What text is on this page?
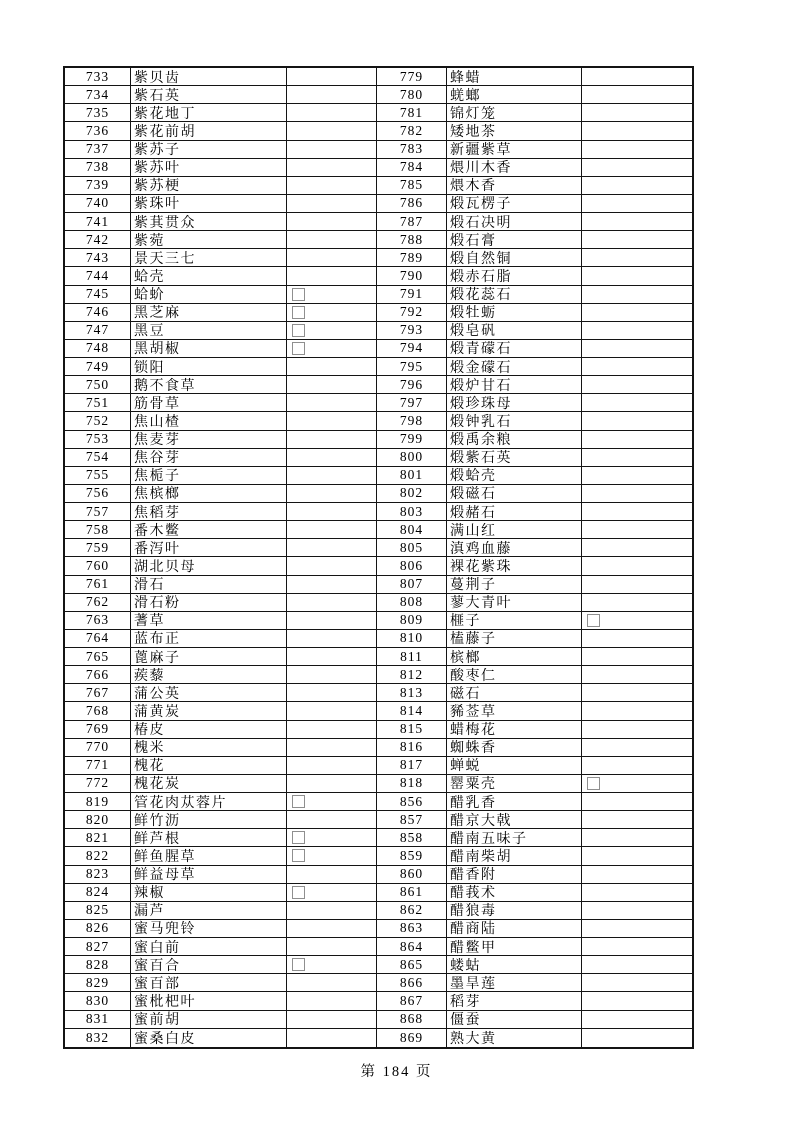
733 紫贝齿	779 蜂蜡
734 紫石英	780 蜣螂
735 紫花地丁	781 锦灯笼
736 紫花前胡	782 矮地茶
737 紫苏子	783 新疆紫草
738 紫苏叶	784 煨川木香
739 紫苏梗	785 煨木香
740 紫珠叶	786 煅瓦楞子
741 紫萁贯众	787 煅石决明
742 紫菀	788 煅石膏
743 景天三七	789 煅自然铜
744 蛤壳	790 煅赤石脂
745 蛤蚧	791 煅花蕊石
746 黑芝麻	792 煅牡蛎
747 黑豆	793 煅皂矾
748 黑胡椒	794 煅青礞石
749 锁阳	795 煅金礞石
750 鹅不食草	796 煅炉甘石
751 筋骨草	797 煅珍珠母
752 焦山楂	798 煅钟乳石
753 焦麦芽	799 煅禹余粮
754 焦谷芽	800 煅紫石英
755 焦栀子	801 煅蛤壳
756 焦槟榔	802 煅磁石
757 焦稻芽	803 煅赭石
758 番木鳖	804 满山红
759 番泻叶	805 滇鸡血藤
760 湖北贝母	806 裸花紫珠
761 滑石	807 蔓荆子
762 滑石粉	808 蓼大青叶
763 蓍草	809 榧子
764 蓝布正	810 榼藤子
765 蓖麻子	811 槟榔
766 蒺藜	812 酸枣仁
767 蒲公英	813 磁石
768 蒲黄炭	814 豨莶草
769 椿皮	815 蜡梅花
770 槐米	816 蜘蛛香
771 槐花	817 蝉蜕
772 槐花炭	818 罂粟壳
819 管花肉苁蓉片	856 醋乳香
820 鲜竹沥	857 醋京大戟
821 鲜芦根	858 醋南五味子
822 鲜鱼腥草	859 醋南柴胡
823 鲜益母草	860 醋香附
824 辣椒	861 醋莪术
825 漏芦	862 醋狼毒
826 蜜马兜铃	863 醋商陆
827 蜜白前	864 醋鳖甲
828 蜜百合	865 蝼蛄
829 蜜百部	866 墨旱莲
830 蜜枇杷叶	867 稻芽
831 蜜前胡	868 僵蚕
832 蜜桑白皮	869 熟大黄
第 184 页
